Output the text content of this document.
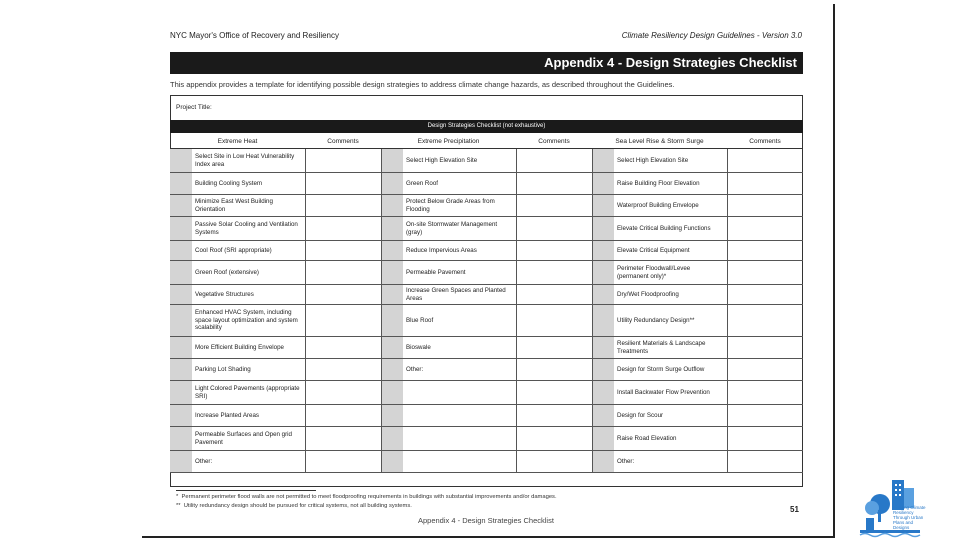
NYC Mayor's Office of Recovery and Resiliency	Climate Resiliency Design Guidelines - Version 3.0
Appendix 4 - Design Strategies Checklist
This appendix provides a template for identifying possible design strategies to address climate change hazards, as described throughout the Guidelines.
Project Title:
Design Strategies Checklist (not exhaustive)
Extreme Heat		Comments	Extreme Precipitation		Comments	Sea Level Rise & Storm Surge		Comments
	Select Site in Low Heat Vulnerability Index area			Select High Elevation Site			Select High Elevation Site	
	Building Cooling System			Green Roof			Raise Building Floor Elevation	
	Minimize East West Building Orientation			Protect Below Grade Areas from Flooding			Waterproof Building Envelope	
	Passive Solar Cooling and Ventilation Systems			On-site Stormwater Management (gray)			Elevate Critical Building Functions	
	Cool Roof (SRI appropriate)			Reduce Impervious Areas			Elevate Critical Equipment	
	Green Roof (extensive)			Permeable Pavement			Perimeter Floodwall/Levee (permanent only)*	
	Vegetative Structures			Increase Green Spaces and Planted Areas			Dry/Wet Floodproofing	
	Enhanced HVAC System, including space layout optimization and system scalability			Blue Roof			Utility Redundancy Design**	
	More Efficient Building Envelope			Bioswale			Resilient Materials & Landscape Treatments	
	Parking Lot Shading			Other:			Design for Storm Surge Outflow	
	Light Colored Pavements (appropriate SRI)						Install Backwater Flow Prevention	
	Increase Planted Areas						Design for Scour	
	Permeable Surfaces and Open grid Pavement						Raise Road Elevation	
	Other:						Other:	
* Permanent perimeter flood walls are not permitted to meet floodproofing requirements in buildings with substantial improvements and/or damages.
** Utility redundancy design should be pursued for critical systems, not all building systems.	51
Appendix 4 - Design Strategies Checklist
Building Climate Resiliency Through Urban Plans and Designs
